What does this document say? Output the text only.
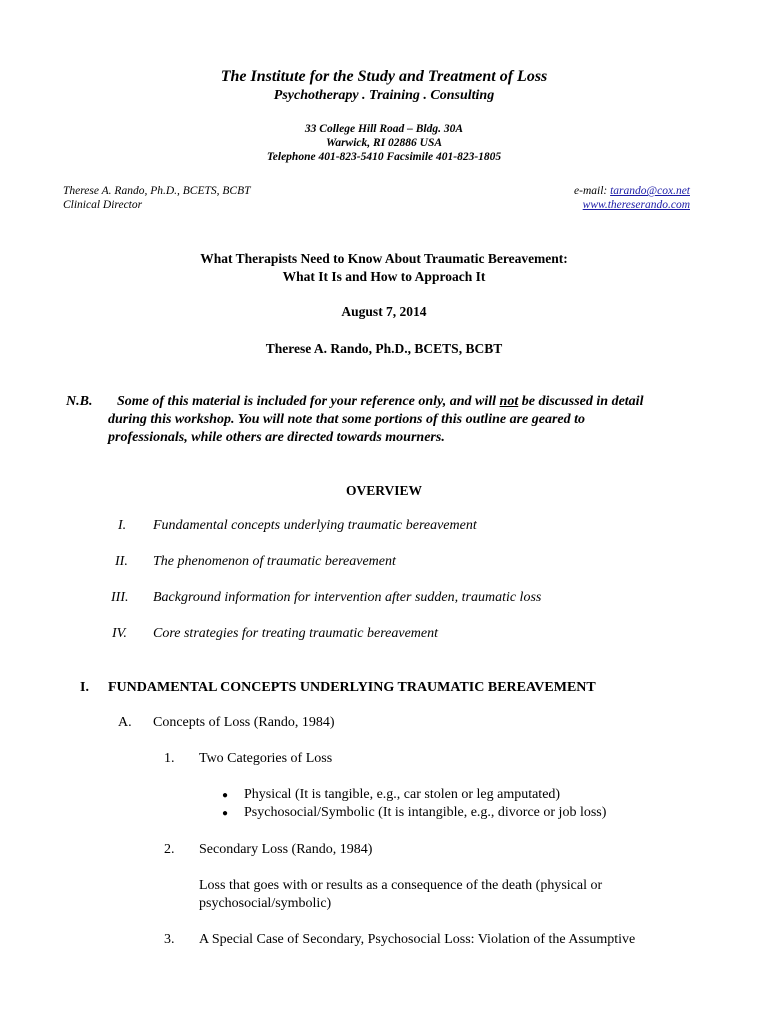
The Institute for the Study and Treatment of Loss
Psychotherapy . Training . Consulting
33 College Hill Road – Bldg. 30A
Warwick, RI 02886 USA
Telephone 401-823-5410 Facsimile 401-823-1805
Therese A. Rando, Ph.D., BCETS, BCBT
Clinical Director
e-mail: tarando@cox.net
www.thereserando.com
What Therapists Need to Know About Traumatic Bereavement:
What It Is and How to Approach It
August 7, 2014
Therese A. Rando, Ph.D., BCETS, BCBT
N.B. Some of this material is included for your reference only, and will not be discussed in detail
during this workshop. You will note that some portions of this outline are geared to
professionals, while others are directed towards mourners.
OVERVIEW
I. Fundamental concepts underlying traumatic bereavement
II. The phenomenon of traumatic bereavement
III. Background information for intervention after sudden, traumatic loss
IV. Core strategies for treating traumatic bereavement
I. FUNDAMENTAL CONCEPTS UNDERLYING TRAUMATIC BEREAVEMENT
A. Concepts of Loss (Rando, 1984)
1. Two Categories of Loss
● Physical (It is tangible, e.g., car stolen or leg amputated)
● Psychosocial/Symbolic (It is intangible, e.g., divorce or job loss)
2. Secondary Loss (Rando, 1984)
Loss that goes with or results as a consequence of the death (physical or
psychosocial/symbolic)
3. A Special Case of Secondary, Psychosocial Loss: Violation of the Assumptive
